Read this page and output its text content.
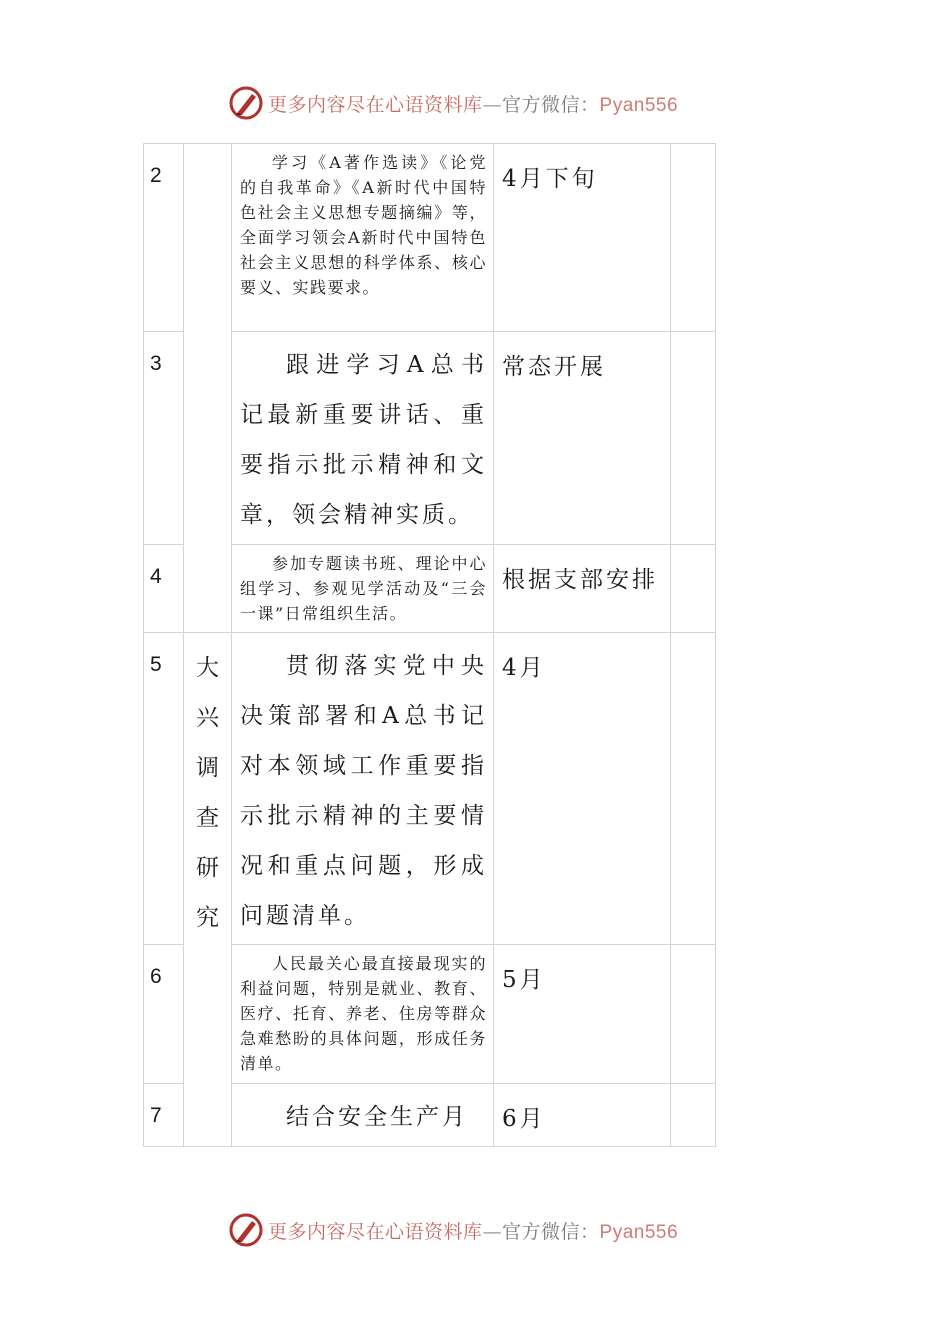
更多内容尽在心语资料库—官方微信：Pyan556
2		学习《A著作选读》《论党的自我革命》《A新时代中国特色社会主义思想专题摘编》等，全面学习领会A新时代中国特色社会主义思想的科学体系、核心要义、实践要求。	4月下旬	
3		跟进学习A总书记最新重要讲话、重要指示批示精神和文章，领会精神实质。	常态开展	
4		参加专题读书班、理论中心组学习、参观见学活动及“三会一课”日常组织生活。	根据支部安排	
5	大兴调查研究	贯彻落实党中央决策部署和A总书记对本领域工作重要指示批示精神的主要情况和重点问题，形成问题清单。	4月	
6		人民最关心最直接最现实的利益问题，特别是就业、教育、医疗、托育、养老、住房等群众急难愁盼的具体问题，形成任务清单。	5月	
7		结合安全生产月	6月	
更多内容尽在心语资料库—官方微信：Pyan556
